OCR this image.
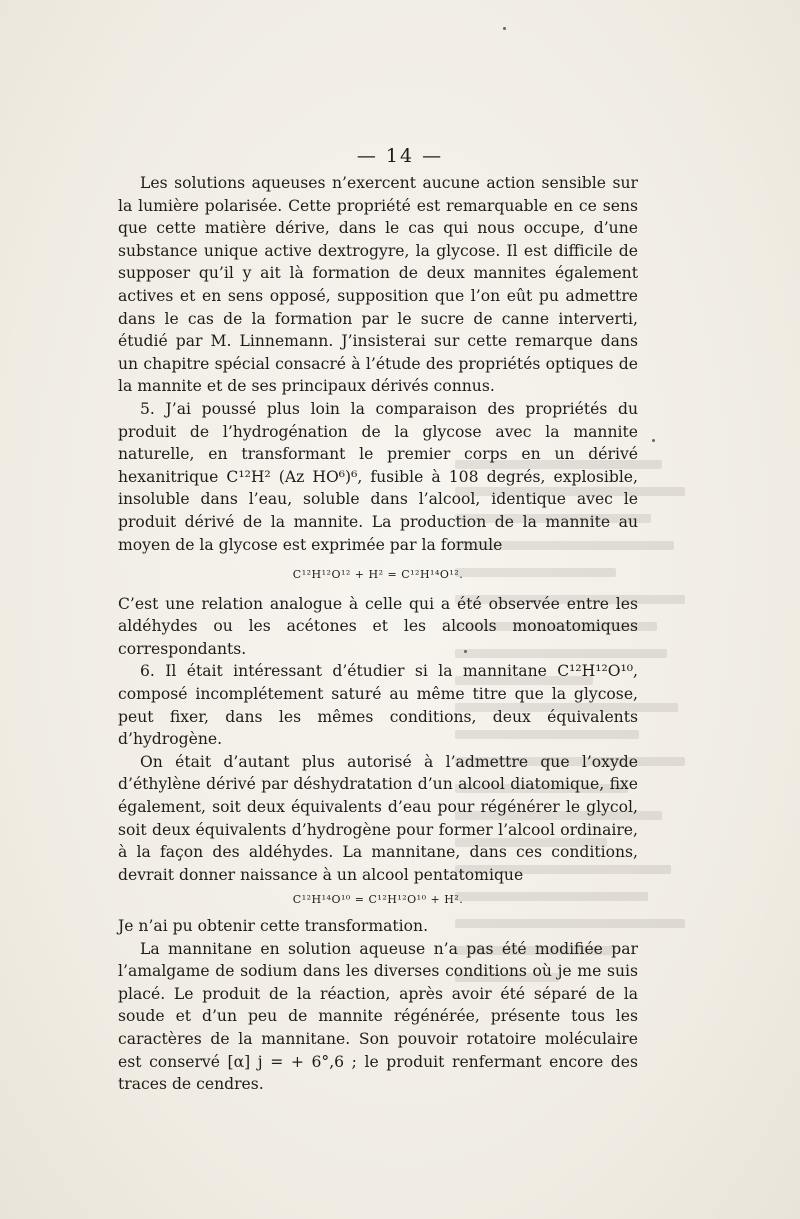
— 14 —

Les solutions aqueuses n’exercent aucune action sensible sur la lumière polarisée. Cette propriété est remarquable en ce sens que cette matière dérive, dans le cas qui nous occupe, d’une substance unique active dextrogyre, la glycose. Il est difficile de supposer qu’il y ait là formation de deux mannites également actives et en sens opposé, supposition que l’on eût pu admettre dans le cas de la formation par le sucre de canne interverti, étudié par M. Linnemann. J’insisterai sur cette remarque dans un chapitre spécial consacré à l’étude des propriétés optiques de la mannite et de ses principaux dérivés connus.

5. J’ai poussé plus loin la comparaison des propriétés du produit de l’hydrogénation de la glycose avec la mannite naturelle, en transformant le premier corps en un dérivé hexanitrique C¹²H² (Az HO⁶)⁶, fusible à 108 degrés, explosible, insoluble dans l’eau, soluble dans l’alcool, identique avec le produit dérivé de la mannite. La production de la mannite au moyen de la glycose est exprimée par la formule

C¹²H¹²O¹² + H² = C¹²H¹⁴O¹².

C’est une relation analogue à celle qui a été observée entre les aldéhydes ou les acétones et les alcools monoatomiques correspondants.

6. Il était intéressant d’étudier si la mannitane C¹²H¹²O¹⁰, composé incomplétement saturé au même titre que la glycose, peut fixer, dans les mêmes conditions, deux équivalents d’hydrogène.

On était d’autant plus autorisé à l’admettre que l’oxyde d’éthylène dérivé par déshydratation d’un alcool diatomique, fixe également, soit deux équivalents d’eau pour régénérer le glycol, soit deux équivalents d’hydrogène pour former l’alcool ordinaire, à la façon des aldéhydes. La mannitane, dans ces conditions, devrait donner naissance à un alcool pentatomique

C¹²H¹⁴O¹⁰ = C¹²H¹²O¹⁰ + H².

Je n’ai pu obtenir cette transformation.

La mannitane en solution aqueuse n’a pas été modifiée par l’amalgame de sodium dans les diverses conditions où je me suis placé. Le produit de la réaction, après avoir été séparé de la soude et d’un peu de mannite régénérée, présente tous les caractères de la mannitane. Son pouvoir rotatoire moléculaire est conservé [α] j = + 6°,6 ; le produit renfermant encore des traces de cendres.
